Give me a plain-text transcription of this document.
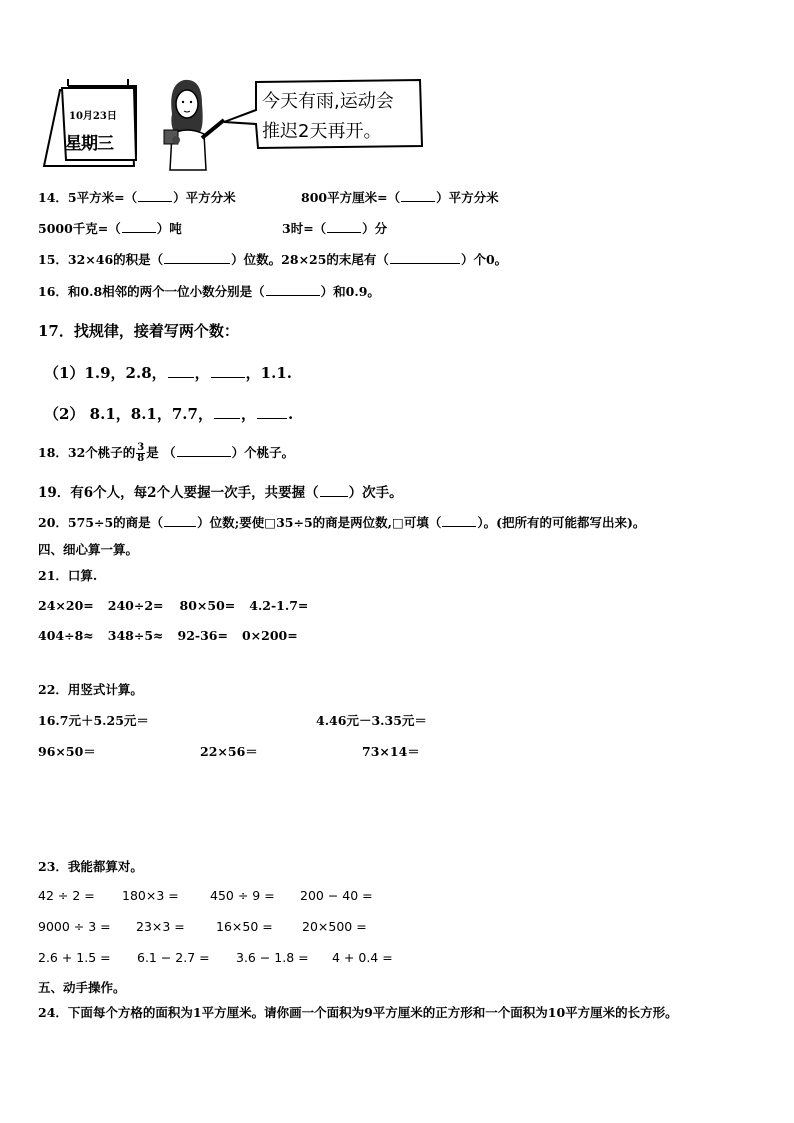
10月23日
星期三
今天有雨,运动会
推迟2天再开。
14．5平方米=（	）平方分米	800平方厘米=（	）平方分米
5000千克=（	）吨	3时=（	）分
15．32×46的积是（	）位数。28×25的末尾有（	）个0。
16．和0.8相邻的两个一位小数分别是（	）和0.9。
17．找规律，接着写两个数：
（1）1.9，2.8， ， ，1.1.
（2） 8.1，8.1，7.7， ， .
18．32个桃子的 $\frac{3}{8}$ 是 （	）个桃子。
19．有6个人，每2个人要握一次手，共要握（ ）次手。
20．575÷5的商是（	）位数;要使□35÷5的商是两位数,□可填（	）。(把所有的可能都写出来)。
四、细心算一算。
21．口算.
24×20= 240÷2= 80×50= 4.2-1.7=
404÷8≈ 348÷5≈ 92-36= 0×200=
22．用竖式计算。
16.7元＋5.25元＝	4.46元－3.35元＝
96×50＝	22×56＝	73×14＝
23．我能都算对。
42 ÷ 2 = 180×3 =	450 ÷ 9 = 200 − 40 =
9000 ÷ 3 = 23×3 = 16×50 = 20×500 =
2.6 + 1.5 = 6.1 − 2.7 = 3.6 − 1.8 = 4 + 0.4 =
五、动手操作。
24．下面每个方格的面积为1平方厘米。请你画一个面积为9平方厘米的正方形和一个面积为10平方厘米的长方形。
